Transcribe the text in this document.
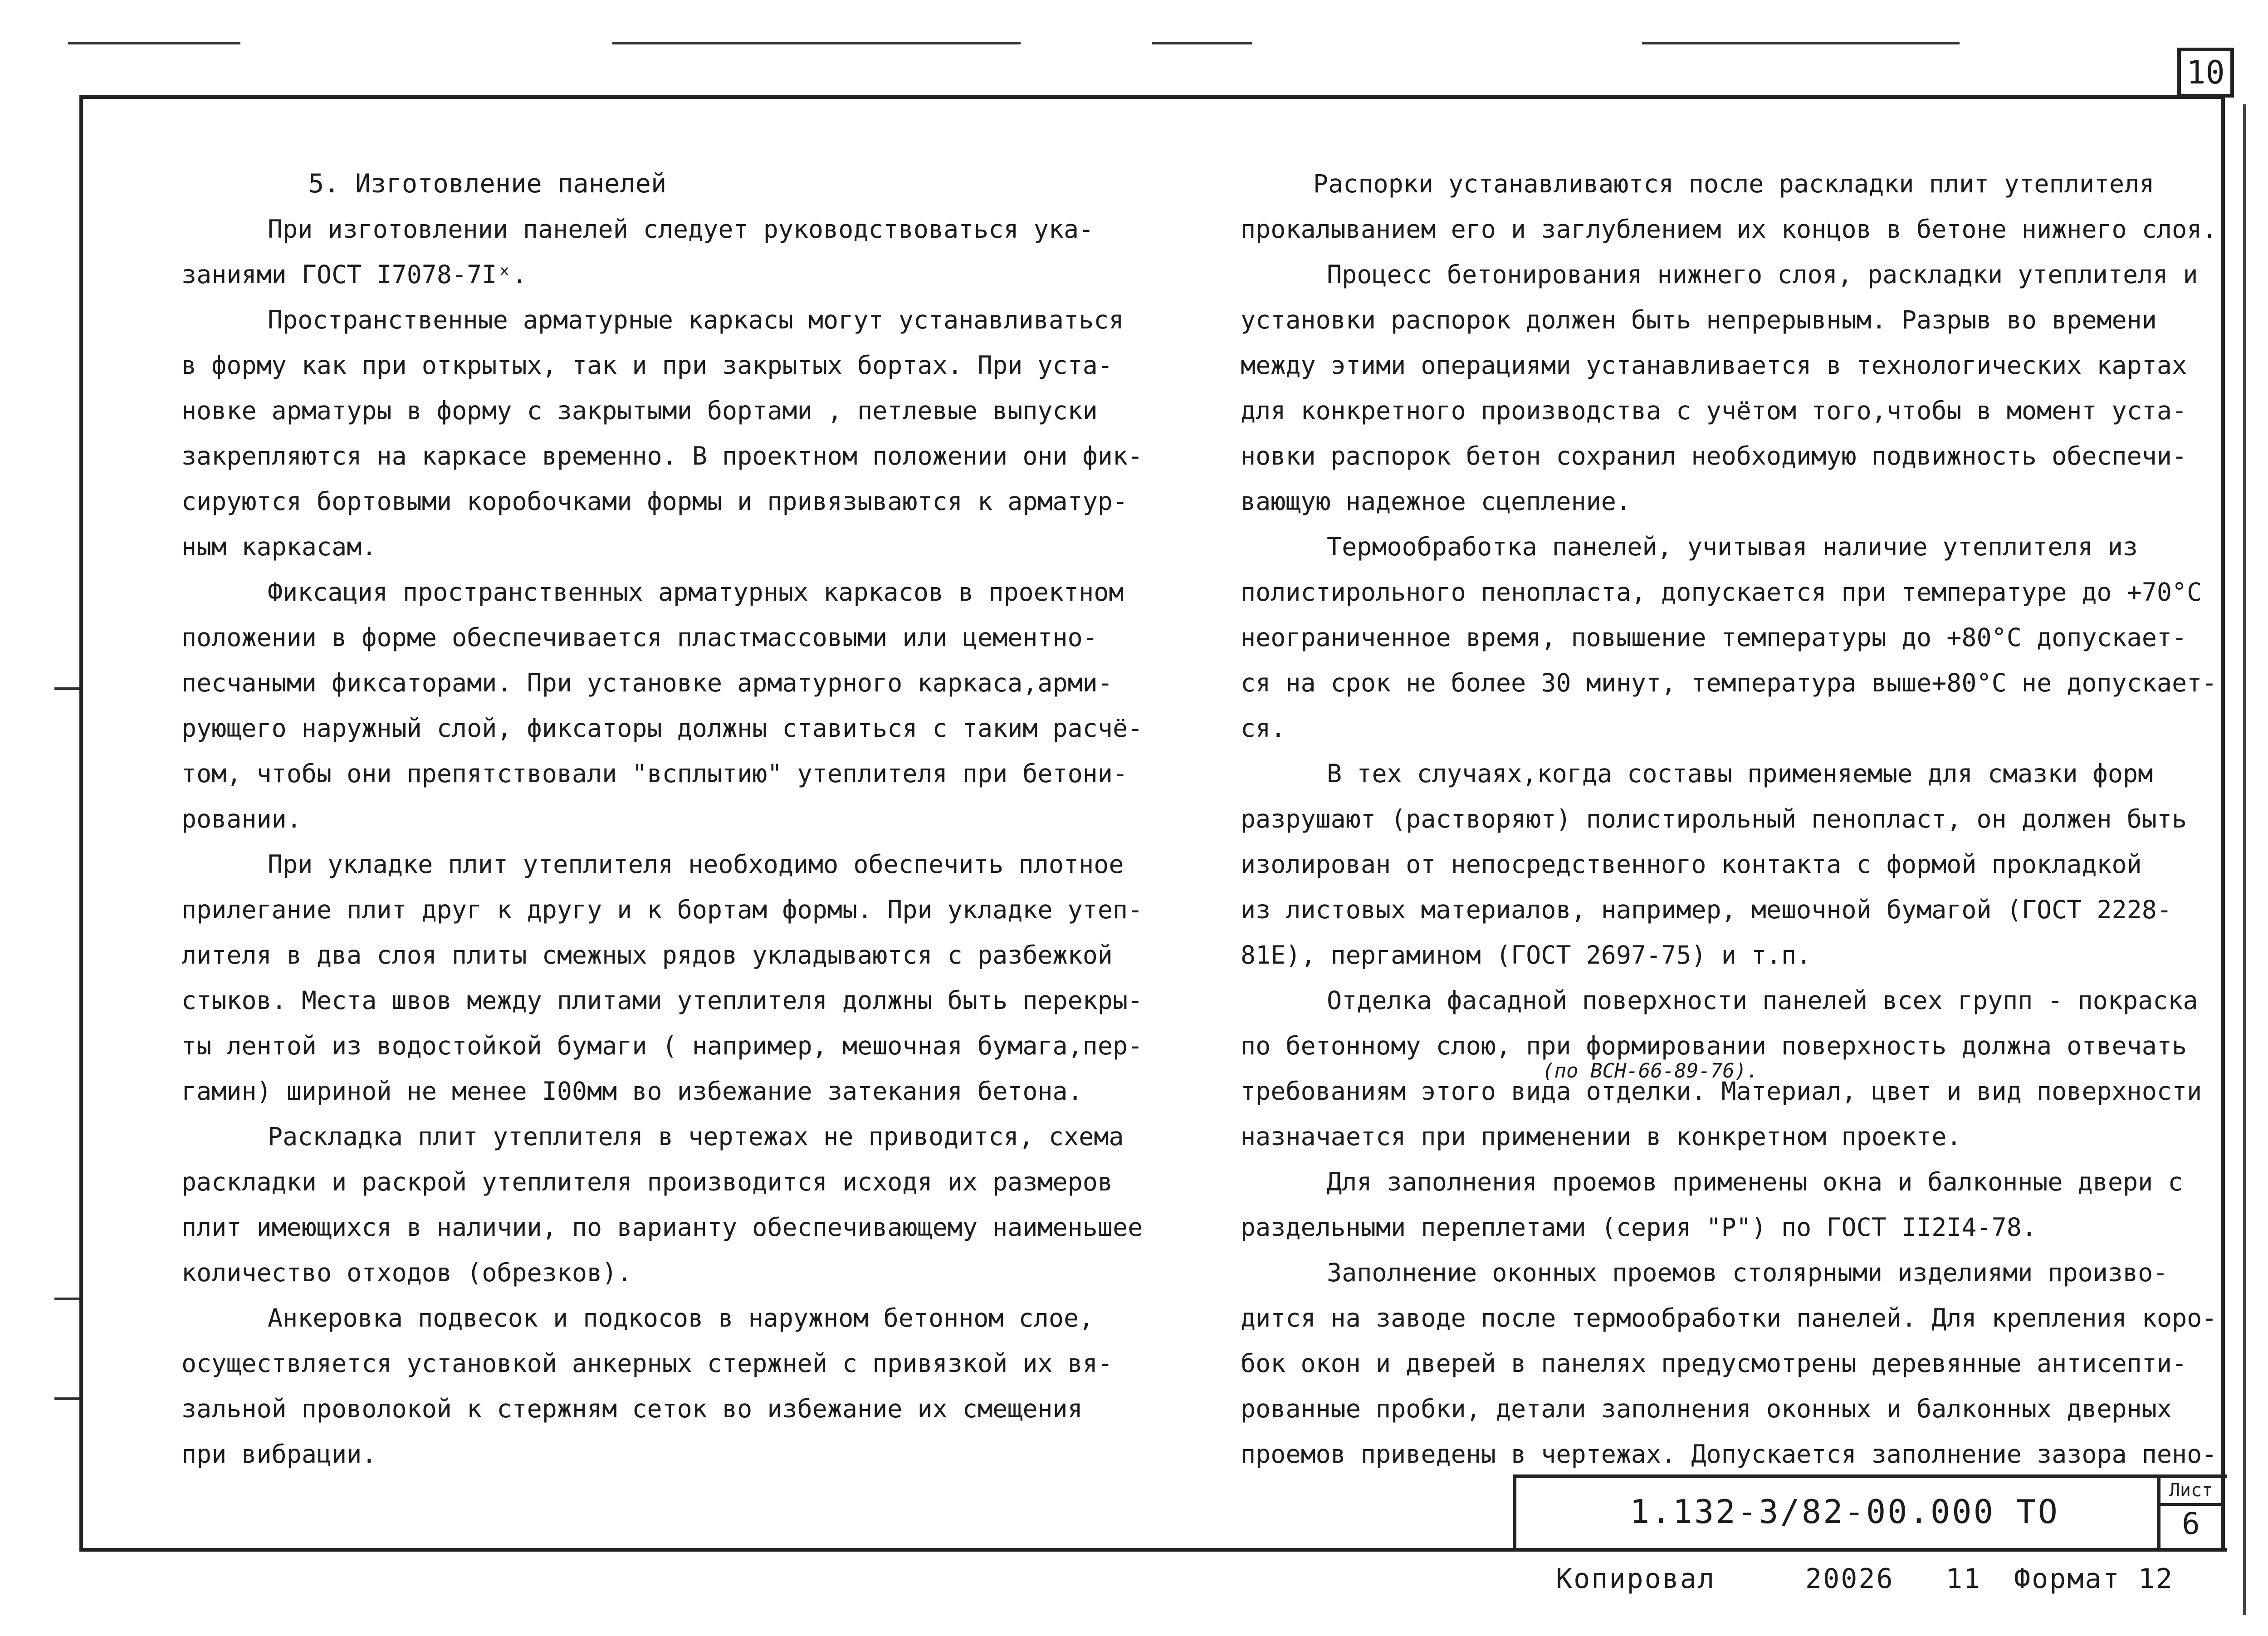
10
5. Изготовление панелей
При изготовлении панелей следует руководствоваться ука-
заниями ГОСТ I7078-7Iˣ.
Пространственные арматурные каркасы могут устанавливаться
в форму как при открытых, так и при закрытых бортах. При уста-
новке арматуры в форму с закрытыми бортами , петлевые выпуски
закрепляются на каркасе временно. В проектном положении они фик-
сируются бортовыми коробочками формы и привязываются к арматур-
ным каркасам.
Фиксация пространственных арматурных каркасов в проектном
положении в форме обеспечивается пластмассовыми или цементно-
песчаными фиксаторами. При установке арматурного каркаса,арми-
рующего наружный слой, фиксаторы должны ставиться с таким расчё-
том, чтобы они препятствовали "всплытию" утеплителя при бетони-
ровании.
При укладке плит утеплителя необходимо обеспечить плотное
прилегание плит друг к другу и к бортам формы. При укладке утеп-
лителя в два слоя плиты смежных рядов укладываются с разбежкой
стыков. Места швов между плитами утеплителя должны быть перекры-
ты лентой из водостойкой бумаги ( например, мешочная бумага,пер-
гамин) шириной не менее I00мм во избежание затекания бетона.
Раскладка плит утеплителя в чертежах не приводится, схема
раскладки и раскрой утеплителя производится исходя их размеров
плит имеющихся в наличии, по варианту обеспечивающему наименьшее
количество отходов (обрезков).
Анкеровка подвесок и подкосов в наружном бетонном слое,
осуществляется установкой анкерных стержней с привязкой их вя-
зальной проволокой к стержням сеток во избежание их смещения
при вибрации.
Распорки устанавливаются после раскладки плит утеплителя
прокалыванием его и заглублением их концов в бетоне нижнего слоя.
Процесс бетонирования нижнего слоя, раскладки утеплителя и
установки распорок должен быть непрерывным. Разрыв во времени
между этими операциями устанавливается в технологических картах
для конкретного производства с учётом того,чтобы в момент уста-
новки распорок бетон сохранил необходимую подвижность обеспечи-
вающую надежное сцепление.
Термообработка панелей, учитывая наличие утеплителя из
полистирольного пенопласта, допускается при температуре до +70°С
неограниченное время, повышение температуры до +80°С допускает-
ся на срок не более 30 минут, температура выше+80°С не допускает-
ся.
В тех случаях,когда составы применяемые для смазки форм
разрушают (растворяют) полистирольный пенопласт, он должен быть
изолирован от непосредственного контакта с формой прокладкой
из листовых материалов, например, мешочной бумагой (ГОСТ 2228-
81Е), пергамином (ГОСТ 2697-75) и т.п.
Отделка фасадной поверхности панелей всех групп - покраска
по бетонному слою, при формировании поверхность должна отвечать
требованиям этого вида отделки. Материал, цвет и вид поверхности
назначается при применении в конкретном проекте.
Для заполнения проемов применены окна и балконные двери с
раздельными переплетами (серия "Р") по ГОСТ II2I4-78.
Заполнение оконных проемов столярными изделиями произво-
дится на заводе после термообработки панелей. Для крепления коро-
бок окон и дверей в панелях предусмотрены деревянные антисепти-
рованные пробки, детали заполнения оконных и балконных дверных
проемов приведены в чертежах. Допускается заполнение зазора пено-
(по ВСН-66-89-76).
1.132-3/82-00.000 ТО
Лист
6
Копировал	20026 11 Формат 12
